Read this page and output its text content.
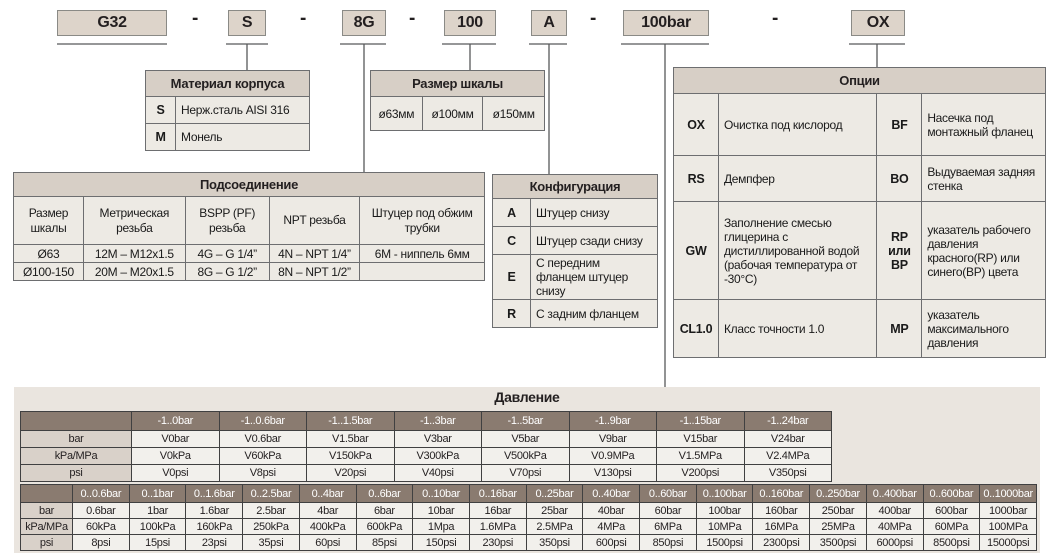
G32	-	S	-	8G	-	100	A	-	100bar	-	OX
Материал корпуса	
S	Нерж.сталь AISI 316
M	Монель
Размер шкалы
ø63мм	ø100мм	ø150мм
Подсоединение				
Размер шкалы	Метрическая резьба	BSPP (PF) резьба	NPT резьба	Штуцер под обжим трубки
Ø63	12M – M12x1.5	4G – G 1/4”	4N – NPT 1/4”	6M - ниппель 6мм
Ø100-150	20M – M20x1.5	8G – G 1/2”	8N – NPT 1/2”	
Конфигурация	
A	Штуцер снизу
C	Штуцер сзади снизу
E	С передним фланцем штуцер снизу
R	С задним фланцем
Опции			
OX	Очистка под кислород	BF	Насечка под монтажный фланец
RS	Демпфер	BO	Выдуваемая задняя стенка
GW	Заполнение смесью глицерина с дистиллированной водой (рабочая температура от -30°C)	RP или BP	указатель рабочего давления красного(RP) или синего(BP) цвета
CL1.0	Класс точности 1.0	MP	указатель максимального давления
Давление
	-1..0bar	-1..0.6bar	-1..1.5bar	-1..3bar	-1..5bar	-1..9bar	-1..15bar	-1..24bar
bar	V0bar	V0.6bar	V1.5bar	V3bar	V5bar	V9bar	V15bar	V24bar
kPa/MPa	V0kPa	V60kPa	V150kPa	V300kPa	V500kPa	V0.9MPa	V1.5MPa	V2.4MPa
psi	V0psi	V8psi	V20psi	V40psi	V70psi	V130psi	V200psi	V350psi
	0..0.6bar	0..1bar	0..1.6bar	0..2.5bar	0..4bar	0..6bar	0..10bar	0..16bar	0..25bar	0..40bar	0..60bar	0..100bar	0..160bar	0..250bar	0..400bar	0..600bar	0..1000bar
bar	0.6bar	1bar	1.6bar	2.5bar	4bar	6bar	10bar	16bar	25bar	40bar	60bar	100bar	160bar	250bar	400bar	600bar	1000bar
kPa/MPa	60kPa	100kPa	160kPa	250kPa	400kPa	600kPa	1Mpa	1.6MPa	2.5MPa	4MPa	6MPa	10MPa	16MPa	25MPa	40MPa	60MPa	100MPa
psi	8psi	15psi	23psi	35psi	60psi	85psi	150psi	230psi	350psi	600psi	850psi	1500psi	2300psi	3500psi	6000psi	8500psi	15000psi
